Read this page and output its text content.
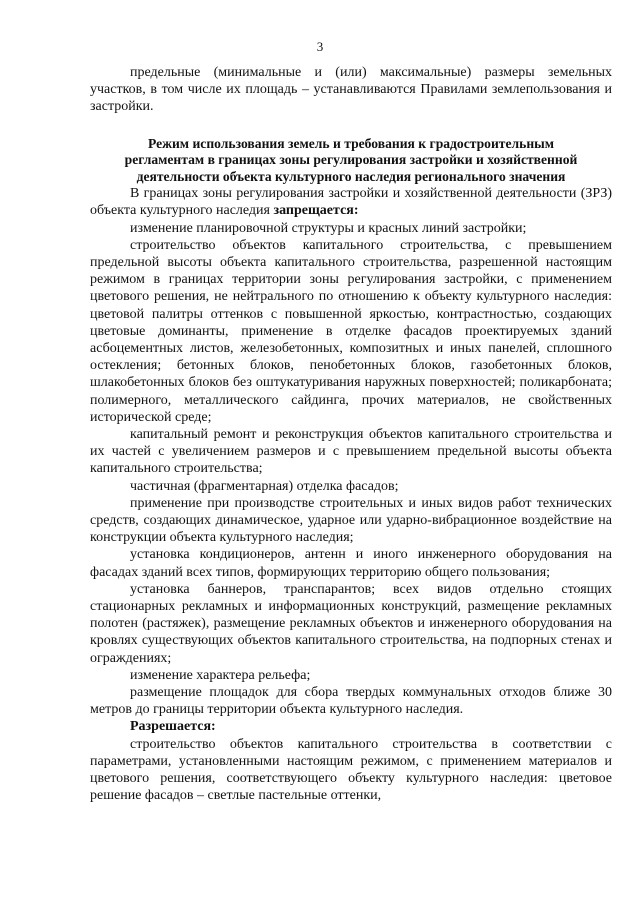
3

предельные (минимальные и (или) максимальные) размеры земельных участков, в том числе их площадь – устанавливаются Правилами землепользования и застройки.

Режим использования земель и требования к градостроительным
регламентам в границах зоны регулирования застройки и хозяйственной
деятельности объекта культурного наследия регионального значения

В границах зоны регулирования застройки и хозяйственной деятельности (ЗРЗ) объекта культурного наследия запрещается:

изменение планировочной структуры и красных линий застройки;

строительство объектов капитального строительства, с превышением предельной высоты объекта капитального строительства, разрешенной настоящим режимом в границах территории зоны регулирования застройки, с применением цветового решения, не нейтрального по отношению к объекту культурного наследия: цветовой палитры оттенков с повышенной яркостью, контрастностью, создающих цветовые доминанты, применение в отделке фасадов проектируемых зданий асбоцементных листов, железобетонных, композитных и иных панелей, сплошного остекления; бетонных блоков, пенобетонных блоков, газобетонных блоков, шлакобетонных блоков без оштукатуривания наружных поверхностей; поликарбоната; полимерного, металлического сайдинга, прочих материалов, не свойственных исторической среде;

капитальный ремонт и реконструкция объектов капитального строительства и их частей с увеличением размеров и с превышением предельной высоты объекта капитального строительства;

частичная (фрагментарная) отделка фасадов;

применение при производстве строительных и иных видов работ технических средств, создающих динамическое, ударное или ударно-вибрационное воздействие на конструкции объекта культурного наследия;

установка кондиционеров, антенн и иного инженерного оборудования на фасадах зданий всех типов, формирующих территорию общего пользования;

установка баннеров, транспарантов; всех видов отдельно стоящих стационарных рекламных и информационных конструкций, размещение рекламных полотен (растяжек), размещение рекламных объектов и инженерного оборудования на кровлях существующих объектов капитального строительства, на подпорных стенах и ограждениях;

изменение характера рельефа;

размещение площадок для сбора твердых коммунальных отходов ближе 30 метров до границы территории объекта культурного наследия.

Разрешается:

строительство объектов капитального строительства в соответствии с параметрами, установленными настоящим режимом, с применением материалов и цветового решения, соответствующего объекту культурного наследия: цветовое решение фасадов – светлые пастельные оттенки,
